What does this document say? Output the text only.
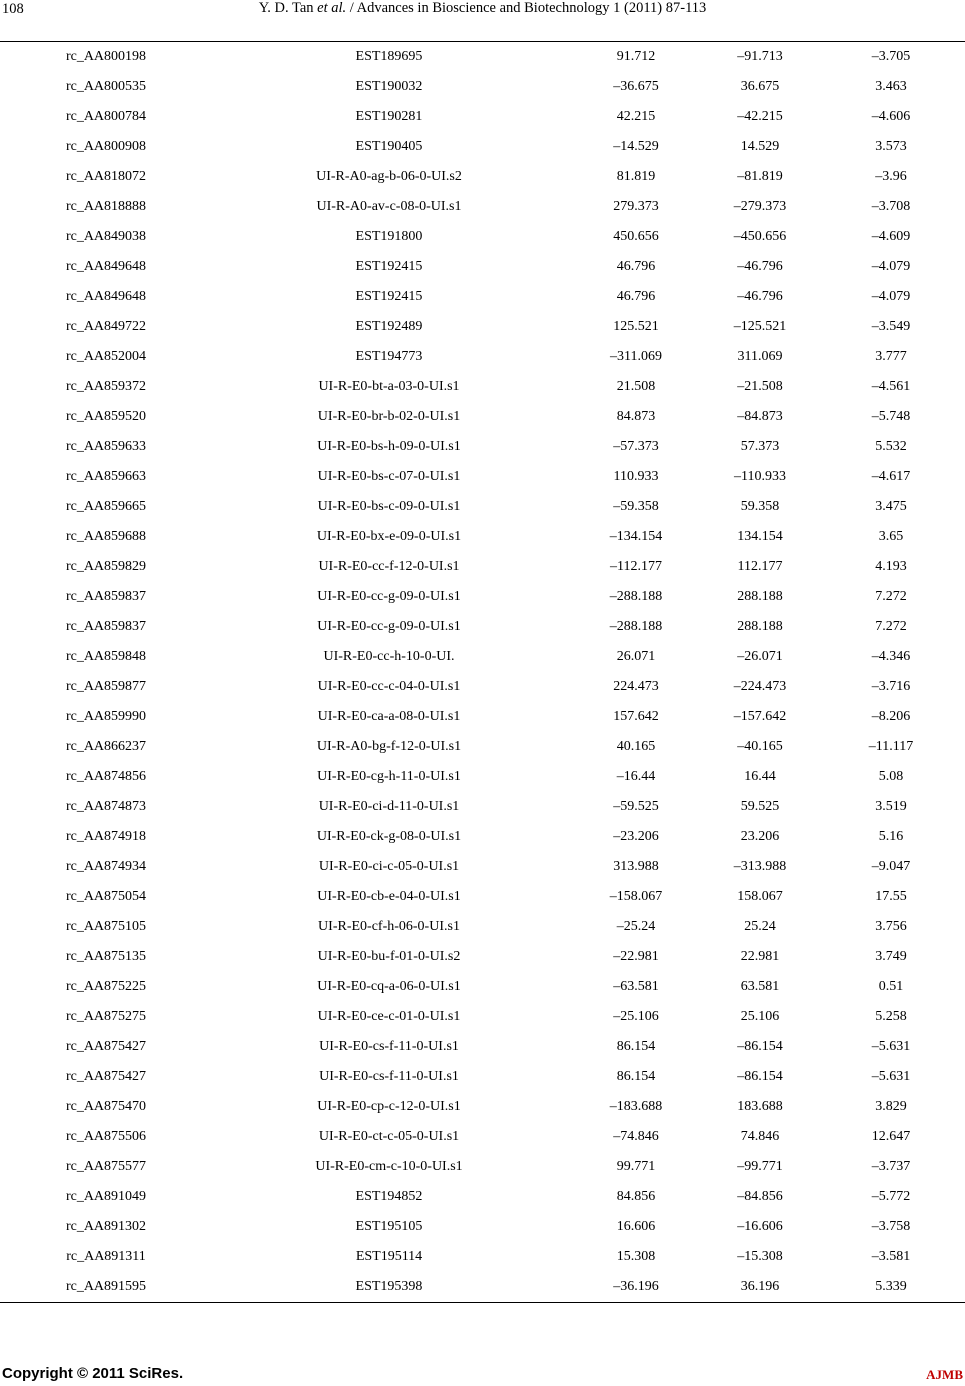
108	Y. D. Tan et al. / Advances in Bioscience and Biotechnology 1 (2011) 87-113
rc_AA800198	EST189695	91.712	–91.713	–3.705
rc_AA800535	EST190032	–36.675	36.675	3.463
rc_AA800784	EST190281	42.215	–42.215	–4.606
rc_AA800908	EST190405	–14.529	14.529	3.573
rc_AA818072	UI-R-A0-ag-b-06-0-UI.s2	81.819	–81.819	–3.96
rc_AA818888	UI-R-A0-av-c-08-0-UI.s1	279.373	–279.373	–3.708
rc_AA849038	EST191800	450.656	–450.656	–4.609
rc_AA849648	EST192415	46.796	–46.796	–4.079
rc_AA849648	EST192415	46.796	–46.796	–4.079
rc_AA849722	EST192489	125.521	–125.521	–3.549
rc_AA852004	EST194773	–311.069	311.069	3.777
rc_AA859372	UI-R-E0-bt-a-03-0-UI.s1	21.508	–21.508	–4.561
rc_AA859520	UI-R-E0-br-b-02-0-UI.s1	84.873	–84.873	–5.748
rc_AA859633	UI-R-E0-bs-h-09-0-UI.s1	–57.373	57.373	5.532
rc_AA859663	UI-R-E0-bs-c-07-0-UI.s1	110.933	–110.933	–4.617
rc_AA859665	UI-R-E0-bs-c-09-0-UI.s1	–59.358	59.358	3.475
rc_AA859688	UI-R-E0-bx-e-09-0-UI.s1	–134.154	134.154	3.65
rc_AA859829	UI-R-E0-cc-f-12-0-UI.s1	–112.177	112.177	4.193
rc_AA859837	UI-R-E0-cc-g-09-0-UI.s1	–288.188	288.188	7.272
rc_AA859837	UI-R-E0-cc-g-09-0-UI.s1	–288.188	288.188	7.272
rc_AA859848	UI-R-E0-cc-h-10-0-UI.	26.071	–26.071	–4.346
rc_AA859877	UI-R-E0-cc-c-04-0-UI.s1	224.473	–224.473	–3.716
rc_AA859990	UI-R-E0-ca-a-08-0-UI.s1	157.642	–157.642	–8.206
rc_AA866237	UI-R-A0-bg-f-12-0-UI.s1	40.165	–40.165	–11.117
rc_AA874856	UI-R-E0-cg-h-11-0-UI.s1	–16.44	16.44	5.08
rc_AA874873	UI-R-E0-ci-d-11-0-UI.s1	–59.525	59.525	3.519
rc_AA874918	UI-R-E0-ck-g-08-0-UI.s1	–23.206	23.206	5.16
rc_AA874934	UI-R-E0-ci-c-05-0-UI.s1	313.988	–313.988	–9.047
rc_AA875054	UI-R-E0-cb-e-04-0-UI.s1	–158.067	158.067	17.55
rc_AA875105	UI-R-E0-cf-h-06-0-UI.s1	–25.24	25.24	3.756
rc_AA875135	UI-R-E0-bu-f-01-0-UI.s2	–22.981	22.981	3.749
rc_AA875225	UI-R-E0-cq-a-06-0-UI.s1	–63.581	63.581	0.51
rc_AA875275	UI-R-E0-ce-c-01-0-UI.s1	–25.106	25.106	5.258
rc_AA875427	UI-R-E0-cs-f-11-0-UI.s1	86.154	–86.154	–5.631
rc_AA875427	UI-R-E0-cs-f-11-0-UI.s1	86.154	–86.154	–5.631
rc_AA875470	UI-R-E0-cp-c-12-0-UI.s1	–183.688	183.688	3.829
rc_AA875506	UI-R-E0-ct-c-05-0-UI.s1	–74.846	74.846	12.647
rc_AA875577	UI-R-E0-cm-c-10-0-UI.s1	99.771	–99.771	–3.737
rc_AA891049	EST194852	84.856	–84.856	–5.772
rc_AA891302	EST195105	16.606	–16.606	–3.758
rc_AA891311	EST195114	15.308	–15.308	–3.581
rc_AA891595	EST195398	–36.196	36.196	5.339
Copyright © 2011 SciRes.	AJMB
